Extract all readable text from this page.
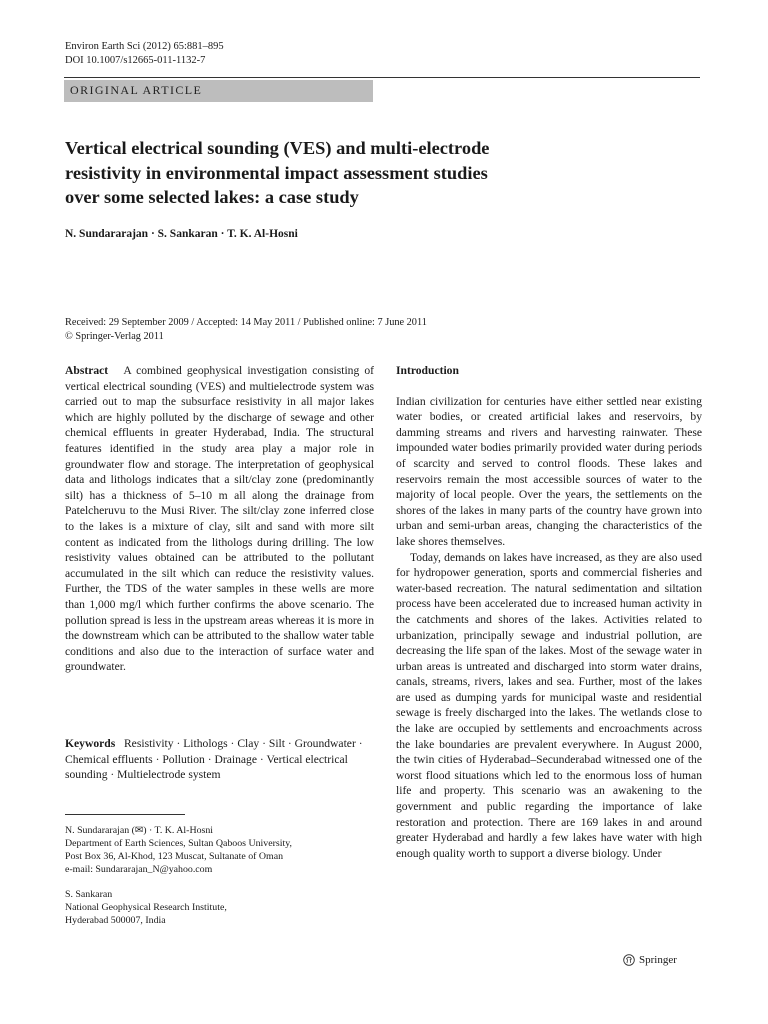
Environ Earth Sci (2012) 65:881–895
DOI 10.1007/s12665-011-1132-7
ORIGINAL ARTICLE
Vertical electrical sounding (VES) and multi-electrode
resistivity in environmental impact assessment studies
over some selected lakes: a case study
N. Sundararajan · S. Sankaran · T. K. Al-Hosni
Received: 29 September 2009 / Accepted: 14 May 2011 / Published online: 7 June 2011
© Springer-Verlag 2011

Abstract A combined geophysical investigation consisting of vertical electrical sounding (VES) and multielectrode system was carried out to map the subsurface resistivity in all major lakes which are highly polluted by the discharge of sewage and other chemical effluents in greater Hyderabad, India. The structural features identified in the study area play a major role in groundwater flow and storage. The interpretation of geophysical data and lithologs indicates that a silt/clay zone (predominantly silt) has a thickness of 5–10 m all along the drainage from Patelcheruvu to the Musi River. The silt/clay zone inferred close to the lakes is a mixture of clay, silt and sand with more silt content as indicated from the lithologs during drilling. The low resistivity values obtained can be attributed to the pollutant accumulated in the silt which can reduce the resistivity values. Further, the TDS of the water samples in these wells are more than 1,000 mg/l which further confirms the above scenario. The pollution spread is less in the upstream areas whereas it is more in the downstream which can be attributed to the shallow water table conditions and also due to the interaction of surface water and groundwater.

Keywords Resistivity · Lithologs · Clay · Silt · Groundwater · Chemical effluents · Pollution · Drainage · Vertical electrical sounding · Multielectrode system
N. Sundararajan (✉) · T. K. Al-Hosni
Department of Earth Sciences, Sultan Qaboos University,
Post Box 36, Al-Khod, 123 Muscat, Sultanate of Oman
e-mail: Sundararajan_N@yahoo.com
S. Sankaran
National Geophysical Research Institute,
Hyderabad 500007, India
Introduction

Indian civilization for centuries have either settled near existing water bodies, or created artificial lakes and reservoirs, by damming streams and rivers and harvesting rainwater. These impounded water bodies primarily provided water during periods of scarcity and served to control floods. These lakes and reservoirs remain the most accessible sources of water to the majority of local people. Over the years, the settlements on the shores of the lakes in many parts of the country have grown into urban and semi-urban areas, changing the characteristics of the lake shores themselves.

Today, demands on lakes have increased, as they are also used for hydropower generation, sports and commercial fisheries and water-based recreation. The natural sedimentation and siltation process have been accelerated due to increased human activity in the catchments and shores of the lakes. Activities related to urbanization, principally sewage and industrial pollution, are decreasing the life span of the lakes. Most of the sewage water in urban areas is untreated and discharged into storm water drains, canals, streams, rivers, lakes and sea. Further, most of the lakes are used as dumping yards for municipal waste and residential sewage is freely discharged into the lakes. The wetlands close to the lake are occupied by settlements and encroachments across the lake boundaries are prevalent everywhere. In August 2000, the twin cities of Hyderabad–Secunderabad witnessed one of the worst flood situations which led to the enormous loss of human life and property. This scenario was an awakening to the government and public regarding the importance of lake restoration and protection. There are 169 lakes in and around greater Hyderabad and hardly a few lakes have water with high enough quality worth to support a diverse biology. Under

Springer
